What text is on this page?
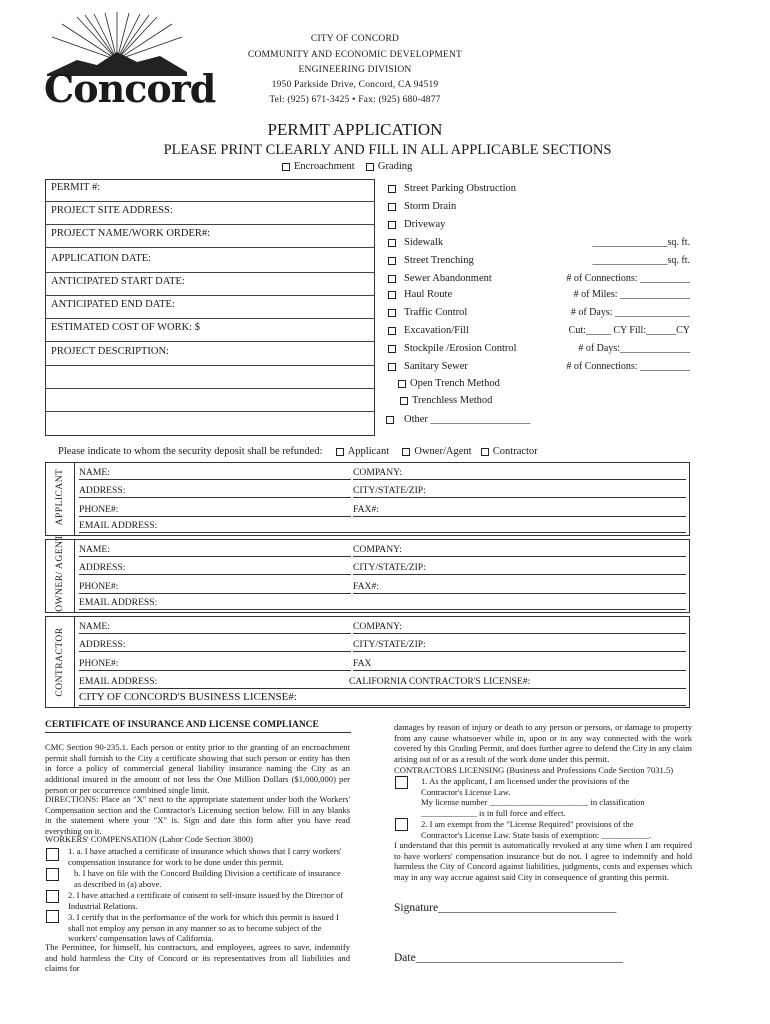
Concord
CITY OF CONCORD
COMMUNITY AND ECONOMIC DEVELOPMENT
ENGINEERING DIVISION
1950 Parkside Drive, Concord, CA 94519
Tel: (925) 671-3425 • Fax: (925) 680-4877
PERMIT APPLICATION
PLEASE PRINT CLEARLY AND FILL IN ALL APPLICABLE SECTIONS
Encroachment Grading
PERMIT #:
PROJECT SITE ADDRESS:
PROJECT NAME/WORK ORDER#:
APPLICATION DATE:
ANTICIPATED START DATE:
ANTICIPATED END DATE:
ESTIMATED COST OF WORK: $
PROJECT DESCRIPTION:
Street Parking Obstruction
Storm Drain
Driveway
Sidewalk	_______________sq. ft.
Street Trenching	_______________sq. ft.
Sewer Abandonment	# of Connections: __________
Haul Route	# of Miles: ______________
Traffic Control	# of Days: _______________
Excavation/Fill	Cut:_____ CY Fill:______CY
Stockpile /Erosion Control	# of Days:______________
Sanitary Sewer	# of Connections: __________
Open Trench Method
Trenchless Method
Other ___________________
Please indicate to whom the security deposit shall be refunded: Applicant Owner/Agent Contractor
APPLICANT
OWNER/ AGENT
CONTRACTOR
NAME:	COMPANY:
ADDRESS:	CITY/STATE/ZIP:
PHONE#:	FAX#:
EMAIL ADDRESS:
NAME:	COMPANY:
ADDRESS:	CITY/STATE/ZIP:
PHONE#:	FAX#:
EMAIL ADDRESS:
NAME:	COMPANY:
ADDRESS:	CITY/STATE/ZIP:
PHONE#:	FAX
EMAIL ADDRESS:	CALIFORNIA CONTRACTOR'S LICENSE#:
CITY OF CONCORD'S BUSINESS LICENSE#:
CERTIFICATE OF INSURANCE AND LICENSE COMPLIANCE
CMC Section 90-235.1. Each person or entity prior to the granting of an encroachment permit shall furnish to the City a certificate showing that such person or entity has then in force a policy of commercial general liability insurance naming the City as an additional insured in the amount of not less the One Million Dollars ($1,000,000) per person or per occurrence combined single limit.
DIRECTIONS: Place an "X" next to the appropriate statement under both the Workers' Compensation section and the Contractor's Licensing section below. Fill in any blanks in the statement where your "X" is. Sign and date this form after you have read everything on it.
WORKERS' COMPENSATION (Labor Code Section 3800)
1. a. I have attached a certificate of insurance which shows that I carry workers' compensation insurance for work to be done under this permit.
b. I have on file with the Concord Building Division a certificate of insurance as described in (a) above.
2. I have attached a certificate of consent to self-insure issued by the Director of Industrial Relations.
3. I certify that in the performance of the work for which this permit is issued I shall not employ any person in any manner so as to become subject of the workers' compensation laws of California.
The Permittee, for himself, his contractors, and employees, agrees to save, indemnify and hold harmless the City of Concord or its representatives from all liabilities and claims for
damages by reason of injury or death to any person or persons, or damage to property from any cause whatsoever while in, upon or in any way connected with the work covered by this Grading Permit, and does further agree to defend the City in any claim arising out of or as a result of the work done under this permit.
CONTRACTORS LICENSING (Business and Professions Code Section 7031.5)
1. As the applicant, I am licensed under the provisions of the Contractor's License Law.
My license number _______________________ in classification
_____________ is in full force and effect.
2. I am exempt from the "License Required" provisions of the Contractor's License Law. State basis of exemption: ___________.
I understand that this permit is automatically revoked at any time when I am required to have workers' compensation insurance but do not. I agree to indemnify and hold harmless the City of Concord against liabilities, judgments, costs and expenses which may in any way accrue against said City in consequence of granting this permit.
Signature_______________________________
Date____________________________________
